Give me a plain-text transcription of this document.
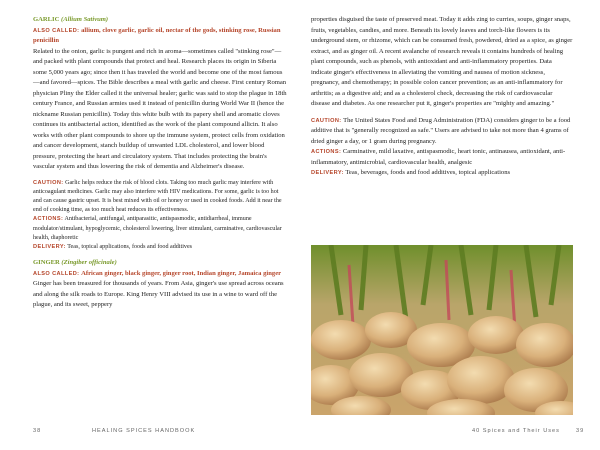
GARLIC (Allium Sativum)

ALSO CALLED: allium, clove garlic, garlic oil, nectar of the gods, stinking rose, Russian penicillin

Related to the onion, garlic is pungent and rich in aroma—sometimes called "stinking rose"—and packed with plant compounds that protect and heal. Research places its origin in Siberia some 5,000 years ago; since then it has traveled the world and become one of the most famous—and favored—spices. The Bible describes a meal with garlic and cheese. First century Roman physician Pliny the Elder called it the universal healer; garlic was said to stop the plague in 18th century France, and Russian armies used it instead of penicillin during World War II (hence the nickname Russian penicillin). Today this white bulb with its papery shell and aromatic cloves continues its antibacterial action, identified as the work of the plant compound allicin. It also works with other plant compounds to shore up the immune system, protect cells from oxidation and cancer development, stanch buildup of unwanted LDL cholesterol, and lower blood pressure, protecting the heart and circulatory system. That includes protecting the brain's vascular system and thus lowering the risk of dementia and Alzheimer's disease.

CAUTION: Garlic helps reduce the risk of blood clots. Taking too much garlic may interfere with anticoagulant medicines. Garlic may also interfere with HIV medications. For some, garlic is too hot and can cause gastric upset. It is best mixed with oil or honey or used in cooked foods. Add it near the end of cooking time, as too much heat reduces its effectiveness.

ACTIONS: Antibacterial, antifungal, antiparasitic, antispasmodic, antidiarrheal, immune modulator/stimulant, hypoglycemic, cholesterol lowering, liver stimulant, carminative, cardiovascular health, diaphoretic

DELIVERY: Teas, topical applications, foods and food additives

GINGER (Zingiber officinale)

ALSO CALLED: African ginger, black ginger, ginger root, Indian ginger, Jamaica ginger

Ginger has been treasured for thousands of years. From Asia, ginger's use spread across oceans and along the silk roads to Europe. King Henry VIII advised its use in a wine to ward off the plague, and its sweet, peppery

38	HEALING SPICES HANDBOOK

properties disguised the taste of preserved meat. Today it adds zing to curries, soups, ginger snaps, fruits, vegetables, candies, and more. Beneath its lovely leaves and torch-like flowers is its underground stem, or rhizome, which can be consumed fresh, powdered, dried as a spice, as ginger extract, and as ginger oil. A recent avalanche of research reveals it contains hundreds of healing plant compounds, such as phenols, with antioxidant and anti-inflammatory properties. Data indicate ginger's effectiveness in alleviating the vomiting and nausea of motion sickness, pregnancy, and chemotherapy; in possible colon cancer prevention; as an anti-inflammatory for arthritis; as a digestive aid; and as a cholesterol check, decreasing the risk of cardiovascular disease and diabetes. As one researcher put it, ginger's properties are "mighty and amazing."

CAUTION: The United States Food and Drug Administration (FDA) considers ginger to be a food additive that is "generally recognized as safe." Users are advised to take not more than 4 grams of dried ginger a day, or 1 gram during pregnancy.

ACTIONS: Carminative, mild laxative, antispasmodic, heart tonic, antinausea, antioxidant, anti-inflammatory, antimicrobial, cardiovascular health, analgesic

DELIVERY: Teas, beverages, foods and food additives, topical applications

40 Spices and Their Uses	39
